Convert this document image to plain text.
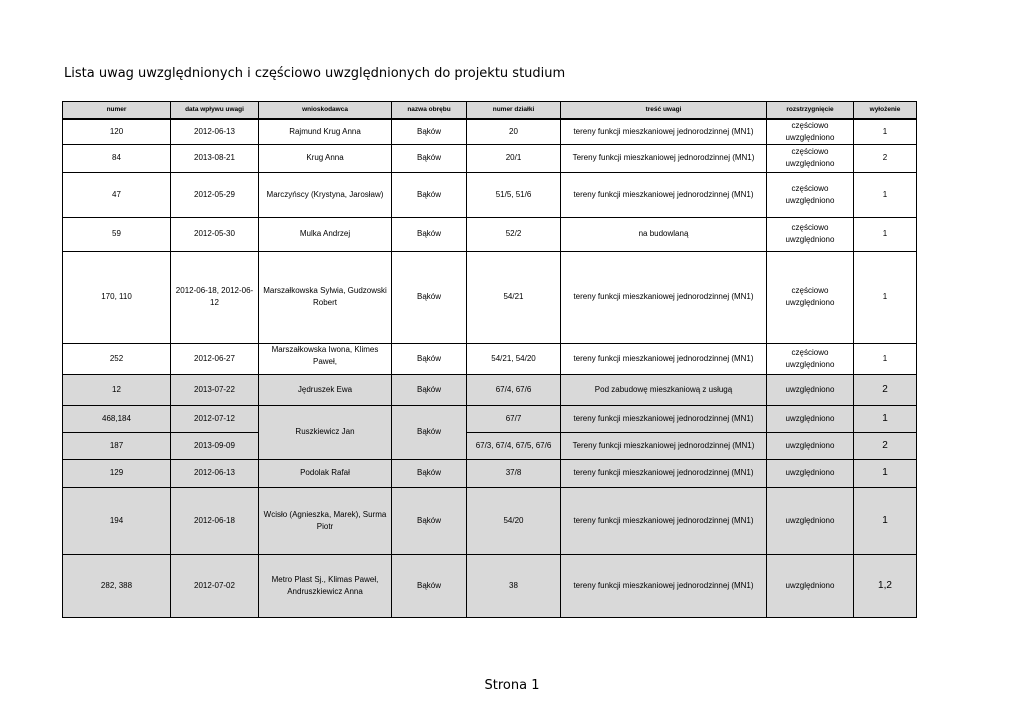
Lista uwag uwzględnionych i częściowo uwzględnionych do projektu studium
numer	data wpływu uwagi	wnioskodawca	nazwa obrębu	numer działki	treść uwagi	rozstrzygnięcie	wyłożenie
120	2012-06-13	Rajmund Krug Anna	Bąków	20	tereny funkcji mieszkaniowej jednorodzinnej (MN1)	częściowo uwzględniono	1
84	2013-08-21	Krug Anna	Bąków	20/1	Tereny funkcji mieszkaniowej jednorodzinnej (MN1)	częściowo uwzględniono	2
47	2012-05-29	Marczyńscy (Krystyna, Jarosław)	Bąków	51/5, 51/6	tereny funkcji mieszkaniowej jednorodzinnej (MN1)	częściowo uwzględniono	1
59	2012-05-30	Mulka Andrzej	Bąków	52/2	na budowlaną	częściowo uwzględniono	1
170, 110	2012-06-18, 2012-06-12	Marszałkowska Sylwia, Gudzowski Robert	Bąków	54/21	tereny funkcji mieszkaniowej jednorodzinnej (MN1)	częściowo uwzględniono	1
252	2012-06-27	Marszałkowska Iwona, Klimes Paweł,	Bąków	54/21, 54/20	tereny funkcji mieszkaniowej jednorodzinnej (MN1)	częściowo uwzględniono	1
12	2013-07-22	Jędruszek Ewa	Bąków	67/4, 67/6	Pod zabudowę mieszkaniową z usługą	uwzględniono	2
468,184	2012-07-12	Ruszkiewicz Jan	Bąków	67/7	tereny funkcji mieszkaniowej jednorodzinnej (MN1)	uwzględniono	1
187	2013-09-09			67/3, 67/4, 67/5, 67/6	Tereny funkcji mieszkaniowej jednorodzinnej (MN1)	uwzględniono	2
129	2012-06-13	Podolak Rafał	Bąków	37/8	tereny funkcji mieszkaniowej jednorodzinnej (MN1)	uwzględniono	1
194	2012-06-18	Wcisło (Agnieszka, Marek), Surma Piotr	Bąków	54/20	tereny funkcji mieszkaniowej jednorodzinnej (MN1)	uwzględniono	1
282, 388	2012-07-02	Metro Plast Sj., Klimas Paweł, Andruszkiewicz Anna	Bąków	38	tereny funkcji mieszkaniowej jednorodzinnej (MN1)	uwzględniono	1,2
Strona 1
